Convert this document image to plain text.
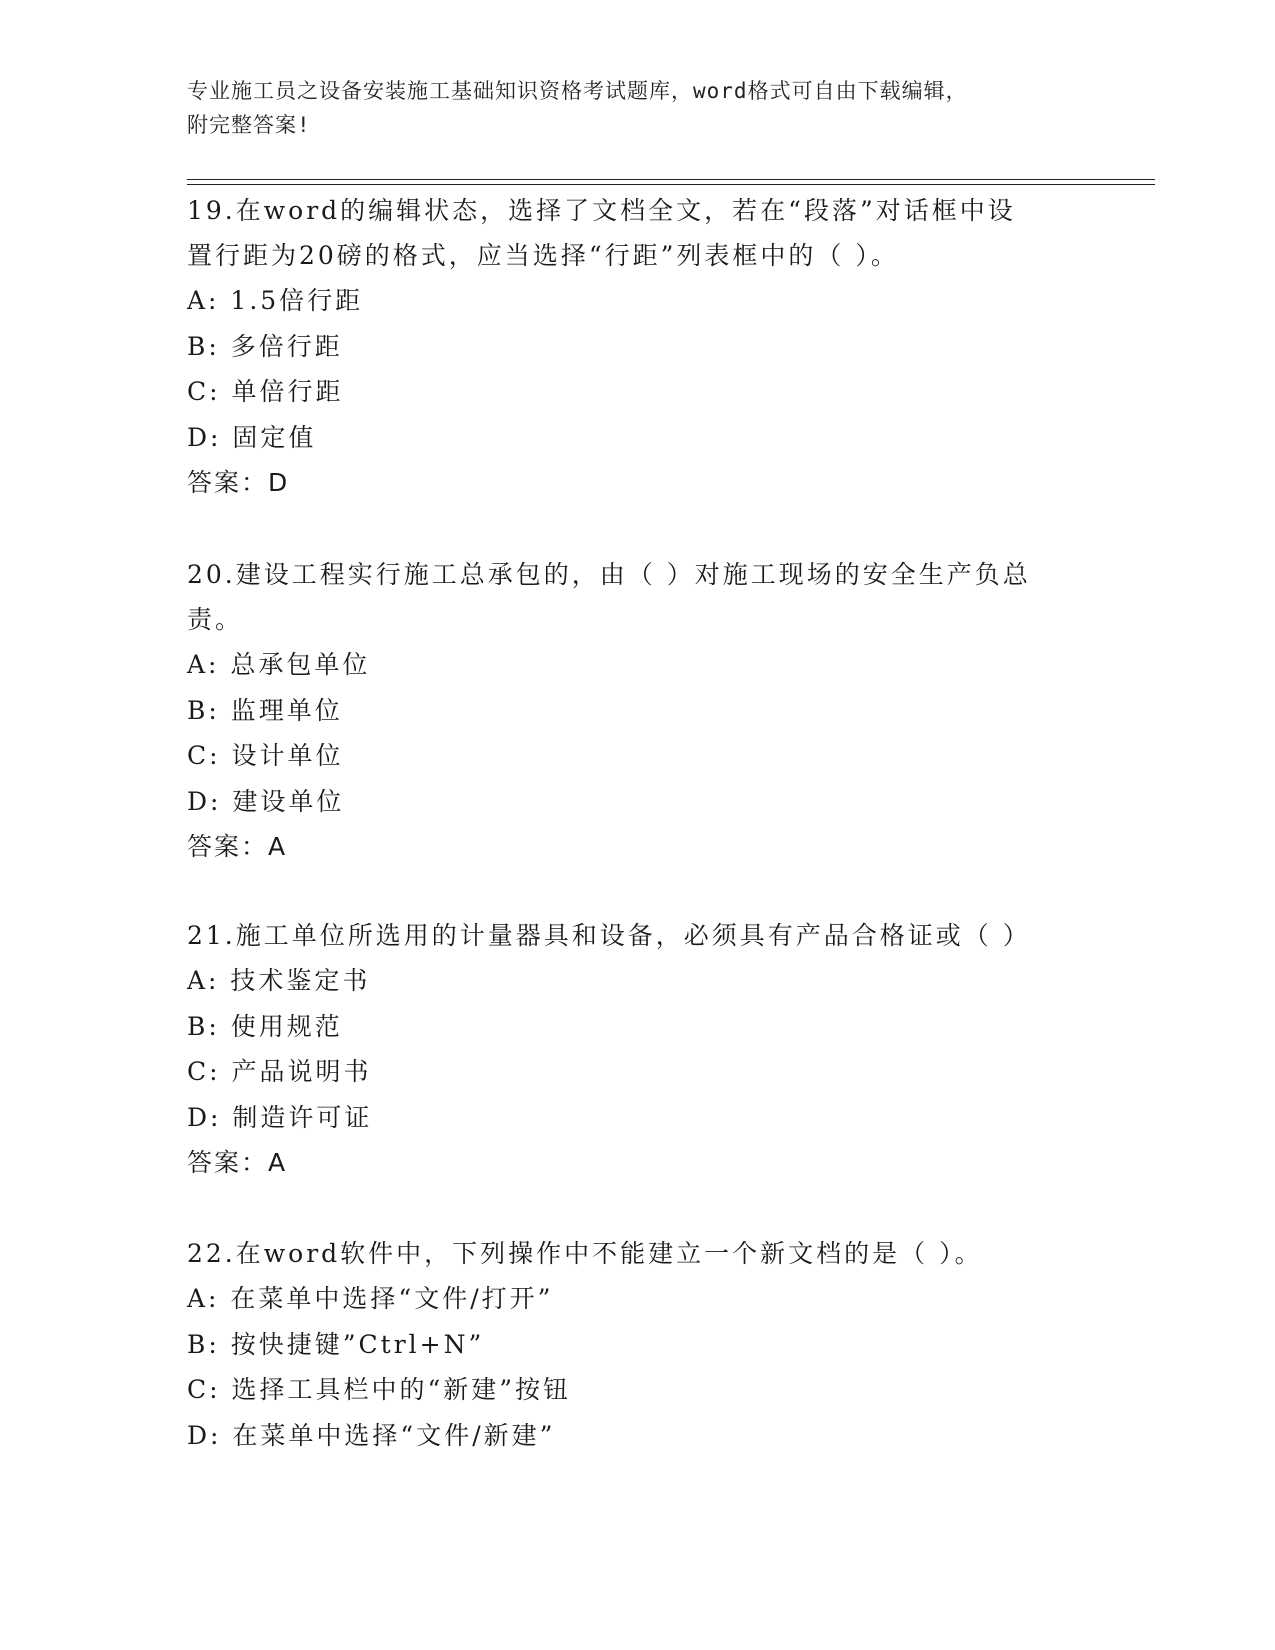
专业施工员之设备安装施工基础知识资格考试题库，word格式可自由下载编辑，
附完整答案!

19.在word的编辑状态，选择了文档全文，若在“段落”对话框中设

置行距为20磅的格式，应当选择“行距”列表框中的（ ）。

A: 1.5倍行距

B: 多倍行距

C: 单倍行距

D: 固定值

答案：D

20.建设工程实行施工总承包的，由（ ）对施工现场的安全生产负总

责。

A: 总承包单位

B: 监理单位

C: 设计单位

D: 建设单位

答案：A

21.施工单位所选用的计量器具和设备，必须具有产品合格证或（ ）

A: 技术鉴定书

B: 使用规范

C: 产品说明书

D: 制造许可证

答案：A

22.在word软件中，下列操作中不能建立一个新文档的是（ ）。

A: 在菜单中选择“文件/打开”

B: 按快捷键”Ctrl+N”

C: 选择工具栏中的“新建”按钮

D: 在菜单中选择“文件/新建”
